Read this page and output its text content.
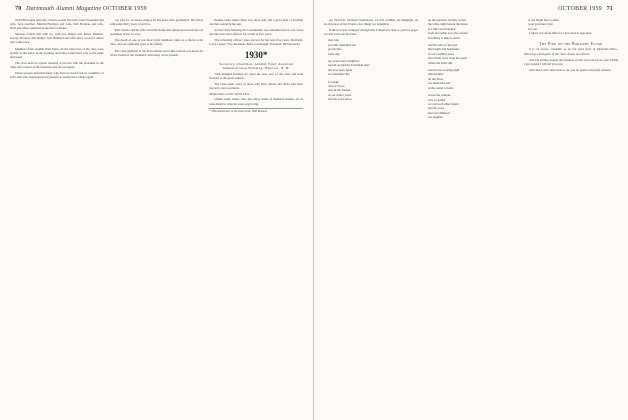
70 Dartmouth Alumni Magazine OCTOBER 1959

with Phil Gagne and wife, Charlie Gould and wife, Jack Fessenden and wife, Jack Gardner, Marvin Hartman and wife, Neil Herman and wife, Nick and others gathered in the Inn for dinner.

Sundays found still with us, with Joe Kriger and Bruce Hubbell, George Hobson, Jim Hodge, Jack Hubbard and wife and a crowd of others who came back.

Members from Jaquith, Paul Jones, all the long rows of the class were present at the dance in the evening, and many found their way to the game afterward.

The class held its regular meeting at the Inn with the president in the chair and a report of the treasurer read and accepted.

Those present included many who had not been back in a number of years and who expressed great pleasure in seeing the College again.

can Can Co. in whose employ he has been since graduation. He retired with some thirty years of service.

Bob Greene and his wife sold their home this spring and moved into an apartment closer to town.

The death of one of our most loyal members came as a shock to the class, and our sympathy goes to his family.

The class gathered at the Fall reunion and a fine turnout was noted for all the events of the weekend, with many wives present.

Bonnie Oaks where there was more golf and a great deal of bowling and fun around in the sun.

At the Class Meeting the Constitution was amended and it was voted that the class elect officers for a term of five years.

The following officers were elected for the next five years: President, Larry Leeper; Vice President, Elliot Cavanaugh; Treasurer, Bill Secretary.

1930*
Secretary–Chairman, Alumni Fund; Assistant Administration Building, Hanover, N. H.

With mingled feelings we greet the new year of the class and look forward to the great reunion.

The class sends word of those who have retired and those who have moved to new positions.

Reflections on the Third Time

Unlike some others who also enjoy times of sheltered leisure, let us look ahead to what the years may bring.

* 30th anniversary of the class at the 1960 Reunion.
OCTOBER 1959 71

our Norwich, Vermont, homestead, we will scribble, by lamplight, on an old piece of birch bark a few things we remember.

If the tree bear strangely enough that it should be able to yield us pages we will write out the lines.

days slip
you still remember me
you & hers
I am only
our years said it might be
and all around the Freshman days
but now once again
we remember the
I wonder
who is it now
and all the friends
of our senior years
and the years since
on the question friendly waves
the white night beside the house
is a little word spoken
from fear when you give a hand
if nothing is there to hold
and the echo of the past
that bright and handsome
of our youthful years
and a little word from the green
where the elms still
stand in the evening light
like the hills
on our faces
our memories and
in the sound of bells
across the campus
still we gather
we call each other friend
and the years
have not dimmed
our laughter
or me might feel to enter
to let you know just
for you

I figure it is about time for a new deal in ages here.

The Pike on the Barnaby Floor

It is, of course, Chandler as on the home floor in Plymouth Mass., following a ball game of the class, shown at a dinner.

well I'm getting around the business of this once but in our case I think I got around I will tell you now.

And then I will come back to see you all again at the next reunion.
